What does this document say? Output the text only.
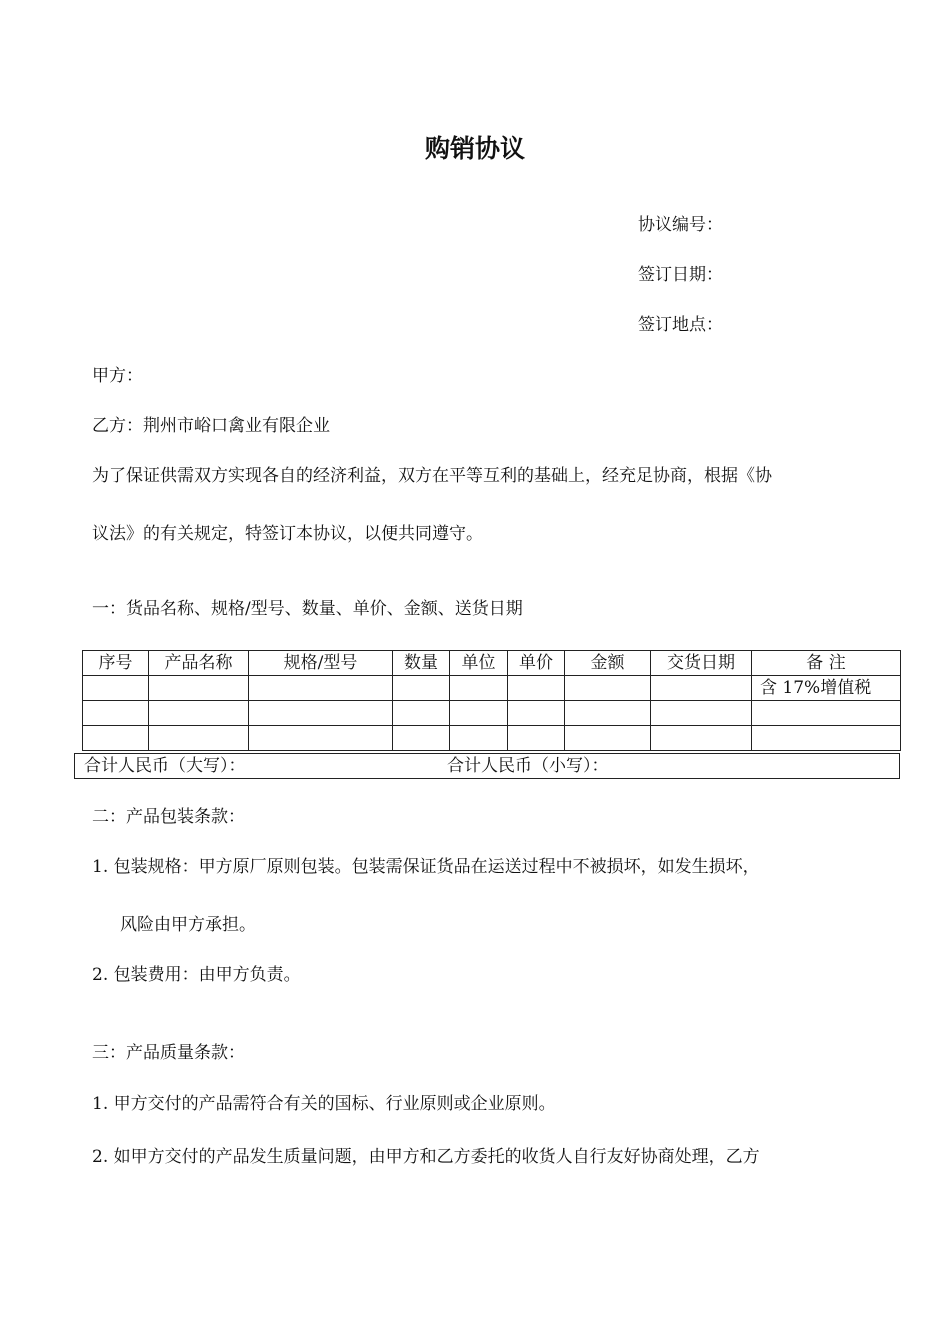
购销协议
协议编号：
签订日期：
签订地点：
甲方：
乙方：荆州市峪口禽业有限企业
为了保证供需双方实现各自的经济利益，双方在平等互利的基础上，经充足协商，根据《协
议法》的有关规定，特签订本协议，以便共同遵守。
一：货品名称、规格/型号、数量、单价、金额、送货日期
序号	产品名称	规格/型号	数量	单位	单价	金额	交货日期	备 注
								含 17%增值税

合计人民币（大写）：	合计人民币（小写）：
二：产品包装条款：
1. 包装规格：甲方原厂原则包装。包装需保证货品在运送过程中不被损坏，如发生损坏，
风险由甲方承担。
2. 包装费用：由甲方负责。
三：产品质量条款：
1. 甲方交付的产品需符合有关的国标、行业原则或企业原则。
2. 如甲方交付的产品发生质量问题，由甲方和乙方委托的收货人自行友好协商处理，乙方
